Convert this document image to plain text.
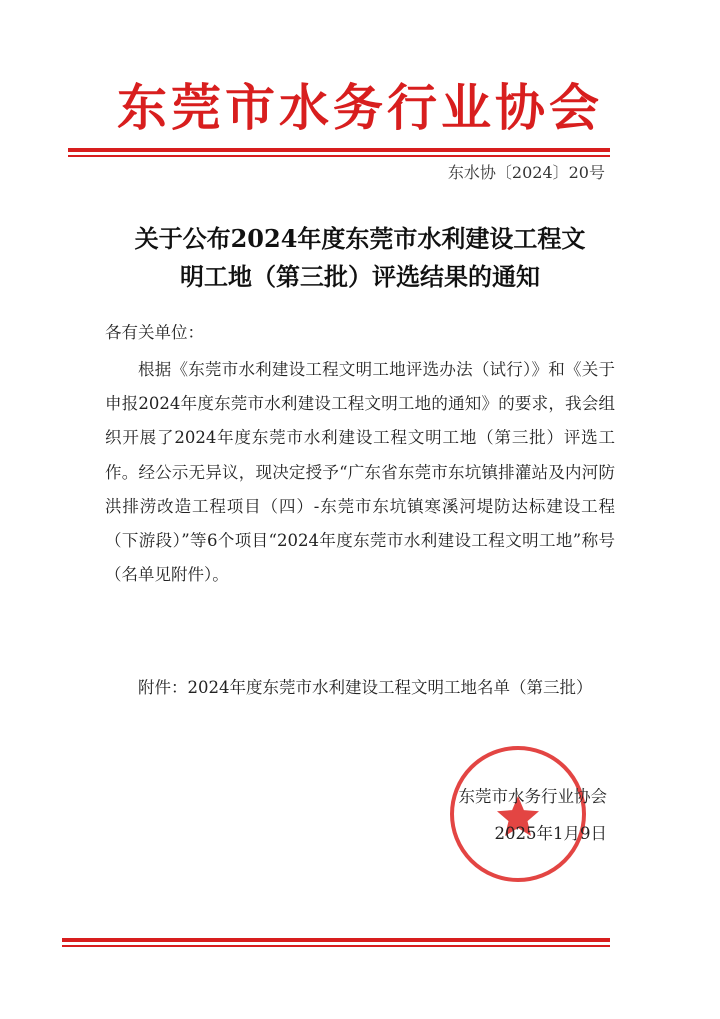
东莞市水务行业协会
东水协〔2024〕20号
关于公布2024年度东莞市水利建设工程文
明工地（第三批）评选结果的通知
各有关单位：

根据《东莞市水利建设工程文明工地评选办法（试行）》和《关于申报2024年度东莞市水利建设工程文明工地的通知》的要求，我会组织开展了2024年度东莞市水利建设工程文明工地（第三批）评选工作。经公示无异议，现决定授予“广东省东莞市东坑镇排灌站及内河防洪排涝改造工程项目（四）-东莞市东坑镇寒溪河堤防达标建设工程（下游段）”等6个项目“2024年度东莞市水利建设工程文明工地”称号（名单见附件）。

附件：2024年度东莞市水利建设工程文明工地名单（第三批）

东莞市水务行业协会
2025年1月9日
